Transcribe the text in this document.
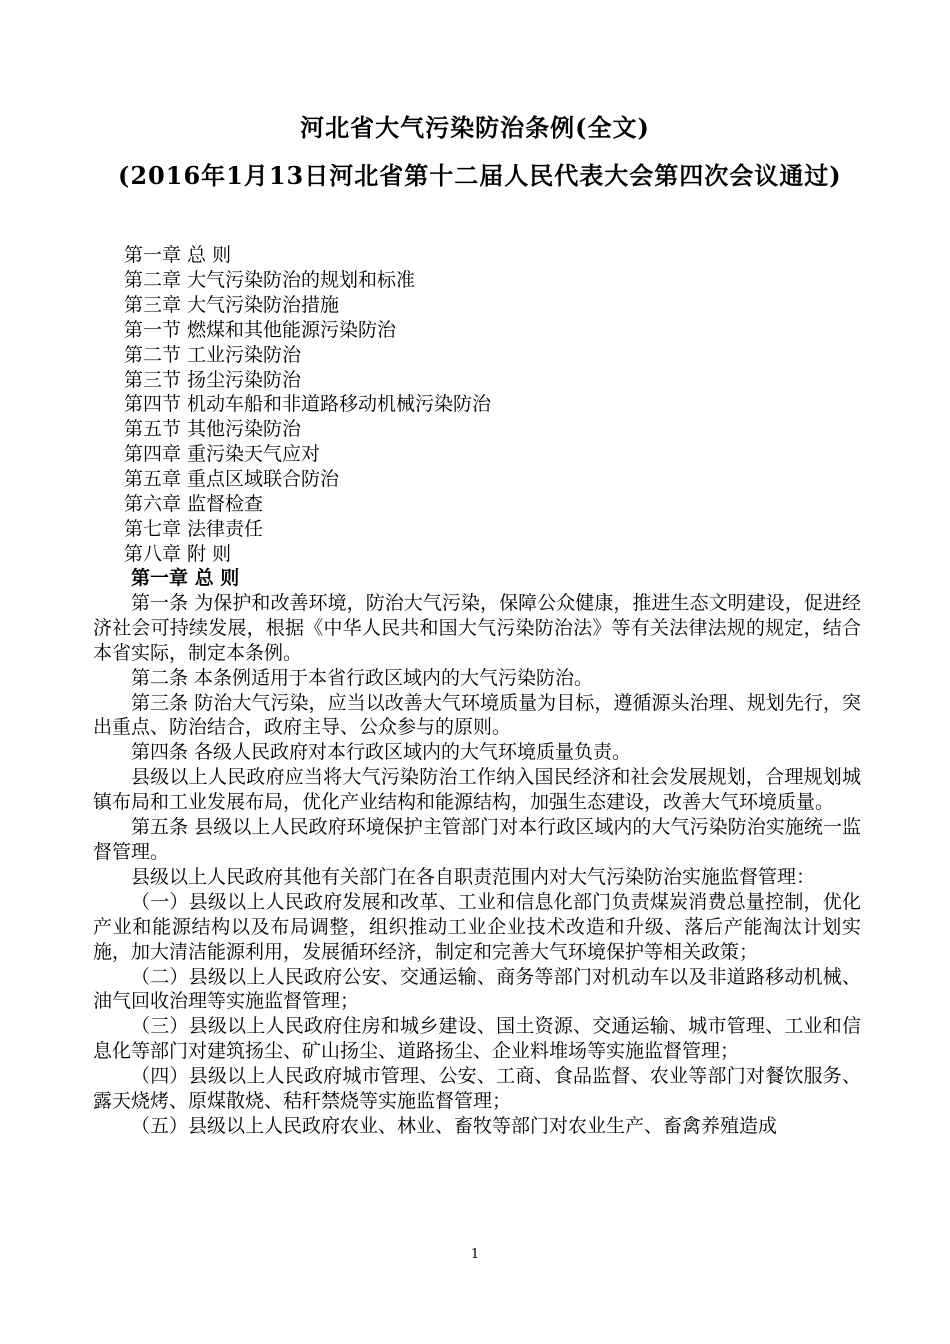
河北省大气污染防治条例(全文)
(2016年1月13日河北省第十二届人民代表大会第四次会议通过)
第一章 总 则
第二章 大气污染防治的规划和标准
第三章 大气污染防治措施
第一节 燃煤和其他能源污染防治
第二节 工业污染防治
第三节 扬尘污染防治
第四节 机动车船和非道路移动机械污染防治
第五节 其他污染防治
第四章 重污染天气应对
第五章 重点区域联合防治
第六章 监督检查
第七章 法律责任
第八章 附 则

第一章 总 则

第一条 为保护和改善环境，防治大气污染，保障公众健康，推进生态文明建设，促进经济社会可持续发展，根据《中华人民共和国大气污染防治法》等有关法律法规的规定，结合本省实际，制定本条例。

第二条 本条例适用于本省行政区域内的大气污染防治。

第三条 防治大气污染，应当以改善大气环境质量为目标，遵循源头治理、规划先行，突出重点、防治结合，政府主导、公众参与的原则。

第四条 各级人民政府对本行政区域内的大气环境质量负责。

县级以上人民政府应当将大气污染防治工作纳入国民经济和社会发展规划，合理规划城镇布局和工业发展布局，优化产业结构和能源结构，加强生态建设，改善大气环境质量。

第五条 县级以上人民政府环境保护主管部门对本行政区域内的大气污染防治实施统一监督管理。

县级以上人民政府其他有关部门在各自职责范围内对大气污染防治实施监督管理：

（一）县级以上人民政府发展和改革、工业和信息化部门负责煤炭消费总量控制，优化产业和能源结构以及布局调整，组织推动工业企业技术改造和升级、落后产能淘汰计划实施，加大清洁能源利用，发展循环经济，制定和完善大气环境保护等相关政策；

（二）县级以上人民政府公安、交通运输、商务等部门对机动车以及非道路移动机械、油气回收治理等实施监督管理；

（三）县级以上人民政府住房和城乡建设、国土资源、交通运输、城市管理、工业和信息化等部门对建筑扬尘、矿山扬尘、道路扬尘、企业料堆场等实施监督管理；

（四）县级以上人民政府城市管理、公安、工商、食品监督、农业等部门对餐饮服务、露天烧烤、原煤散烧、秸秆禁烧等实施监督管理；

（五）县级以上人民政府农业、林业、畜牧等部门对农业生产、畜禽养殖造成

1
